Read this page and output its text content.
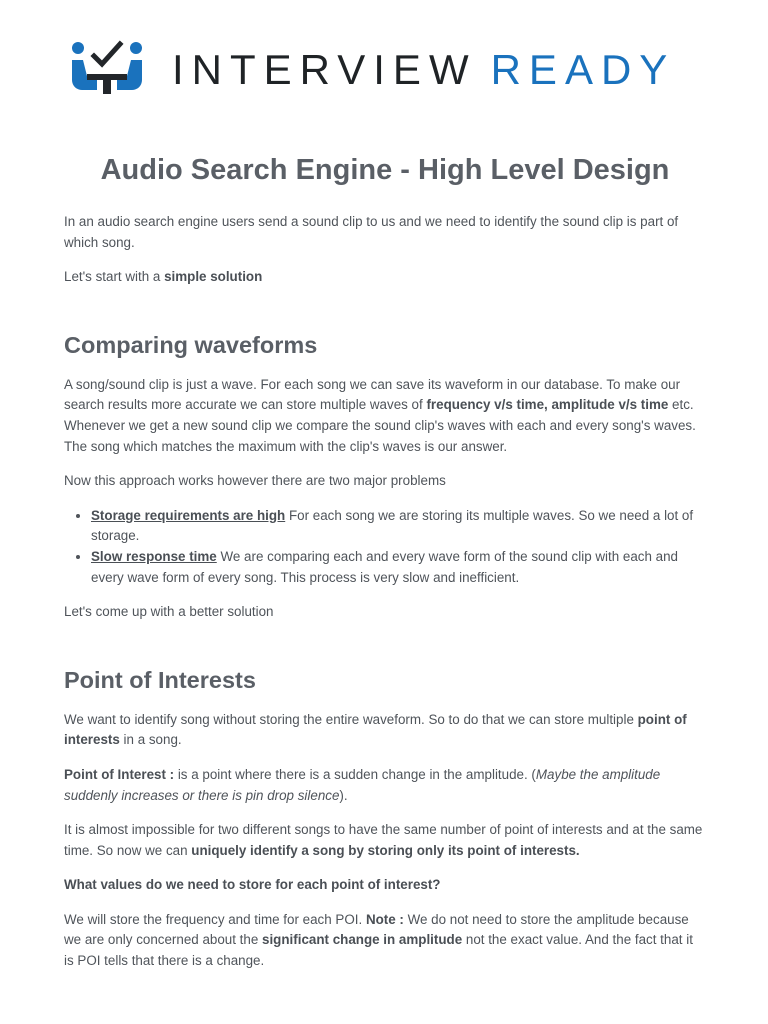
INTERVIEW READY
Audio Search Engine - High Level Design

In an audio search engine users send a sound clip to us and we need to identify the sound clip is part of which song.

Let's start with a simple solution

Comparing waveforms

A song/sound clip is just a wave. For each song we can save its waveform in our database. To make our search results more accurate we can store multiple waves of frequency v/s time, amplitude v/s time etc. Whenever we get a new sound clip we compare the sound clip's waves with each and every song's waves. The song which matches the maximum with the clip's waves is our answer.

Now this approach works however there are two major problems

• Storage requirements are high For each song we are storing its multiple waves. So we need a lot of storage.
• Slow response time We are comparing each and every wave form of the sound clip with each and every wave form of every song. This process is very slow and inefficient.

Let's come up with a better solution

Point of Interests

We want to identify song without storing the entire waveform. So to do that we can store multiple point of interests in a song.

Point of Interest : is a point where there is a sudden change in the amplitude. (Maybe the amplitude suddenly increases or there is pin drop silence).

It is almost impossible for two different songs to have the same number of point of interests and at the same time. So now we can uniquely identify a song by storing only its point of interests.

What values do we need to store for each point of interest?

We will store the frequency and time for each POI. Note : We do not need to store the amplitude because we are only concerned about the significant change in amplitude not the exact value. And the fact that it is POI tells that there is a change.
